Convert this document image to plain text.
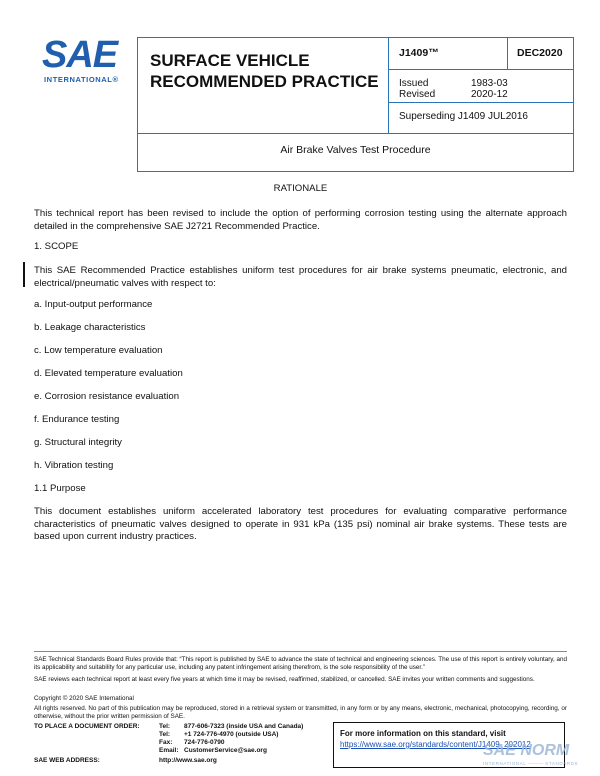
SAE
INTERNATIONAL®
SURFACE VEHICLE
RECOMMENDED PRACTICE
J1409™	DEC2020
Issued	1983-03
Revised	2020-12
Superseding J1409 JUL2016
Air Brake Valves Test Procedure
RATIONALE
This technical report has been revised to include the option of performing corrosion testing using the alternate approach detailed in the comprehensive SAE J2721 Recommended Practice.
1. SCOPE
This SAE Recommended Practice establishes uniform test procedures for air brake systems pneumatic, electronic, and electrical/pneumatic valves with respect to:
a. Input-output performance
b. Leakage characteristics
c. Low temperature evaluation
d. Elevated temperature evaluation
e. Corrosion resistance evaluation
f. Endurance testing
g. Structural integrity
h. Vibration testing
1.1 Purpose
This document establishes uniform accelerated laboratory test procedures for evaluating comparative performance characteristics of pneumatic valves designed to operate in 931 kPa (135 psi) nominal air brake systems. These tests are based upon current industry practices.
SAE Technical Standards Board Rules provide that: “This report is published by SAE to advance the state of technical and engineering sciences. The use of this report is entirely voluntary, and its applicability and suitability for any particular use, including any patent infringement arising therefrom, is the sole responsibility of the user.”
SAE reviews each technical report at least every five years at which time it may be revised, reaffirmed, stabilized, or cancelled. SAE invites your written comments and suggestions.
Copyright © 2020 SAE International
All rights reserved. No part of this publication may be reproduced, stored in a retrieval system or transmitted, in any form or by any means, electronic, mechanical, photocopying, recording, or otherwise, without the prior written permission of SAE.
TO PLACE A DOCUMENT ORDER:	Tel: 877-606-7323 (inside USA and Canada)
Tel: +1 724-776-4970 (outside USA)
Fax: 724-776-0790
Email: CustomerService@sae.org
SAE WEB ADDRESS:	http://www.sae.org
For more information on this standard, visit
https://www.sae.org/standards/content/J1409_202012
SAE NORM
INTERNATIONAL ——— STANDARDS
